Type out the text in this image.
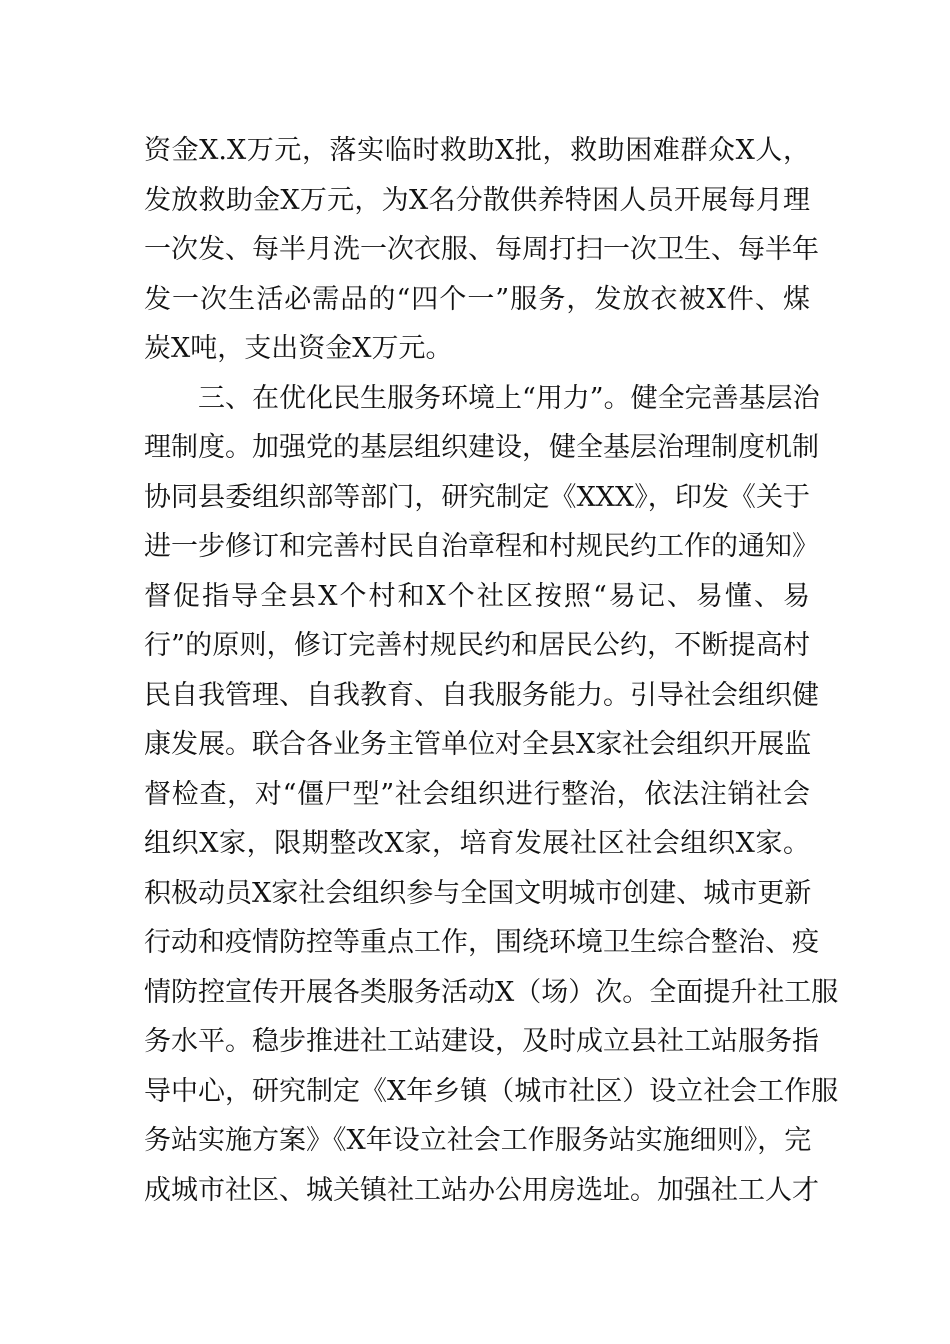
资金X.X万元，落实临时救助X批，救助困难群众X人，
发放救助金X万元，为X名分散供养特困人员开展每月理
一次发、每半月洗一次衣服、每周打扫一次卫生、每半年
发一次生活必需品的“四个一”服务，发放衣被X件、煤
炭X吨，支出资金X万元。
三、在优化民生服务环境上“用力”。健全完善基层治
理制度。加强党的基层组织建设，健全基层治理制度机制
协同县委组织部等部门，研究制定《XXX》，印发《关于
进一步修订和完善村民自治章程和村规民约工作的通知》
督促指导全县X个村和X个社区按照“易记、易懂、易
行”的原则，修订完善村规民约和居民公约，不断提高村
民自我管理、自我教育、自我服务能力。引导社会组织健
康发展。联合各业务主管单位对全县X家社会组织开展监
督检查，对“僵尸型”社会组织进行整治，依法注销社会
组织X家，限期整改X家，培育发展社区社会组织X家。
积极动员X家社会组织参与全国文明城市创建、城市更新
行动和疫情防控等重点工作，围绕环境卫生综合整治、疫
情防控宣传开展各类服务活动X（场）次。全面提升社工服
务水平。稳步推进社工站建设，及时成立县社工站服务指
导中心，研究制定《X年乡镇（城市社区）设立社会工作服
务站实施方案》《X年设立社会工作服务站实施细则》，完
成城市社区、城关镇社工站办公用房选址。加强社工人才
